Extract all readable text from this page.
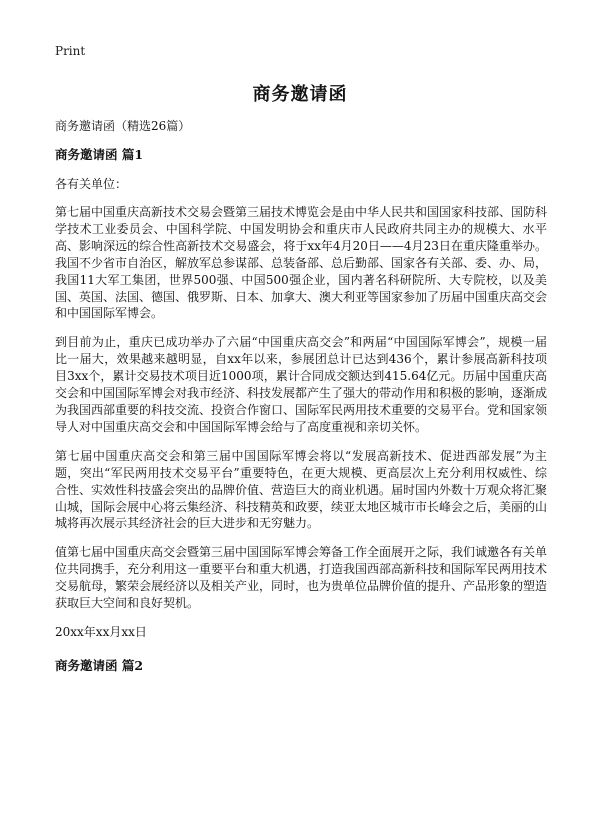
Print
商务邀请函

商务邀请函（精选26篇）

商务邀请函 篇1

各有关单位：

第七届中国重庆高新技术交易会暨第三届技术博览会是由中华人民共和国国家科技部、国防科学技术工业委员会、中国科学院、中国发明协会和重庆市人民政府共同主办的规模大、水平高、影响深远的综合性高新技术交易盛会，将于xx年4月20日——4月23日在重庆隆重举办。我国不少省市自治区，解放军总参谋部、总装备部、总后勤部、国家各有关部、委、办、局，我国11大军工集团，世界500强、中国500强企业，国内著名科研院所、大专院校，以及美国、英国、法国、德国、俄罗斯、日本、加拿大、澳大利亚等国家参加了历届中国重庆高交会和中国国际军博会。

到目前为止，重庆已成功举办了六届“中国重庆高交会”和两届“中国国际军博会”，规模一届比一届大，效果越来越明显，自xx年以来，参展团总计已达到436个，累计参展高新科技项目3xx个，累计交易技术项目近1000项，累计合同成交额达到415.64亿元。历届中国重庆高交会和中国国际军博会对我市经济、科技发展都产生了强大的带动作用和积极的影响，逐渐成为我国西部重要的科技交流、投资合作窗口、国际军民两用技术重要的交易平台。党和国家领导人对中国重庆高交会和中国国际军博会给与了高度重视和亲切关怀。

第七届中国重庆高交会和第三届中国国际军博会将以“发展高新技术、促进西部发展”为主题，突出“军民两用技术交易平台”重要特色，在更大规模、更高层次上充分利用权威性、综合性、实效性科技盛会突出的品牌价值、营造巨大的商业机遇。届时国内外数十万观众将汇聚山城，国际会展中心将云集经济、科技精英和政要，续亚太地区城市市长峰会之后，美丽的山城将再次展示其经济社会的巨大进步和无穷魅力。

值第七届中国重庆高交会暨第三届中国国际军博会筹备工作全面展开之际，我们诚邀各有关单位共同携手，充分利用这一重要平台和重大机遇，打造我国西部高新科技和国际军民两用技术交易航母，繁荣会展经济以及相关产业，同时，也为贵单位品牌价值的提升、产品形象的塑造获取巨大空间和良好契机。

20xx年xx月xx日

商务邀请函 篇2
